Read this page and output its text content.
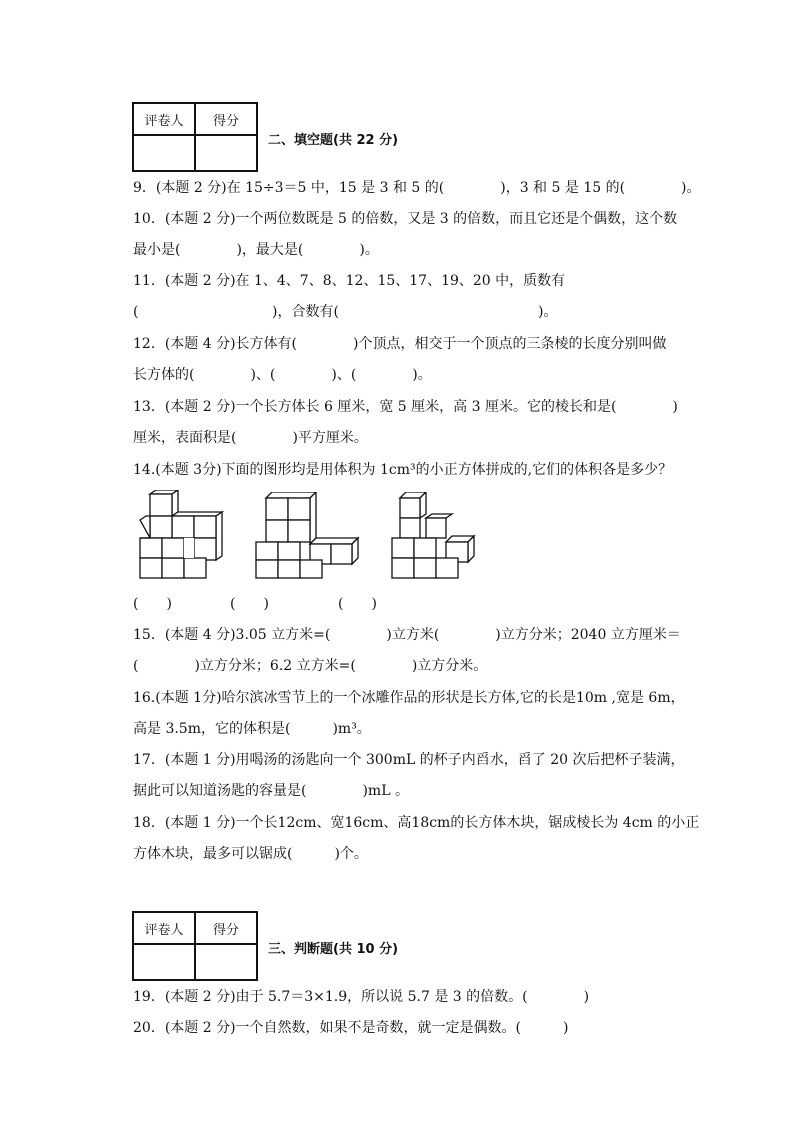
评卷人	得分

二、填空题(共 22 分)
9．(本题 2 分)在 15÷3＝5 中，15 是 3 和 5 的(　　　　)，3 和 5 是 15 的(　　　　)。
10．(本题 2 分)一个两位数既是 5 的倍数，又是 3 的倍数，而且它还是个偶数，这个数
最小是(　　　　)，最大是(　　　　)。
11．(本题 2 分)在 1、4、7、8、12、15、17、19、20 中，质数有
(	)，合数有(	)。
12．(本题 4 分)长方体有(　　　　)个顶点，相交于一个顶点的三条棱的长度分别叫做
长方体的(　　　　)、(　　　　)、(　　　　)。
13．(本题 2 分)一个长方体长 6 厘米，宽 5 厘米，高 3 厘米。它的棱长和是(　　　　)
厘米，表面积是(　　　　)平方厘米。
14.(本题 3分)下面的图形均是用体积为 1cm³的小正方体拼成的,它们的体积各是多少？
(　　)	(　　)	(　　)
15．(本题 4 分)3.05 立方米=(　　　　)立方米(　　　　)立方分米；2040 立方厘米＝
(　　　　)立方分米；6.2 立方米=(　　　　)立方分米。
16.(本题 1分)哈尔滨冰雪节上的一个冰雕作品的形状是长方体,它的长是10m ,宽是 6m，
高是 3.5m，它的体积是(　　　)m³。
17．(本题 1 分)用喝汤的汤匙向一个 300mL 的杯子内舀水，舀了 20 次后把杯子装满，
据此可以知道汤匙的容量是(　　　　)mL 。
18．(本题 1 分)一个长12cm、宽16cm、高18cm的长方体木块，锯成棱长为 4cm 的小正
方体木块，最多可以锯成(　　　)个。
评卷人	得分

三、判断题(共 10 分)
19．(本题 2 分)由于 5.7＝3×1.9，所以说 5.7 是 3 的倍数。(　　　　)
20．(本题 2 分)一个自然数，如果不是奇数，就一定是偶数。(　　　)
